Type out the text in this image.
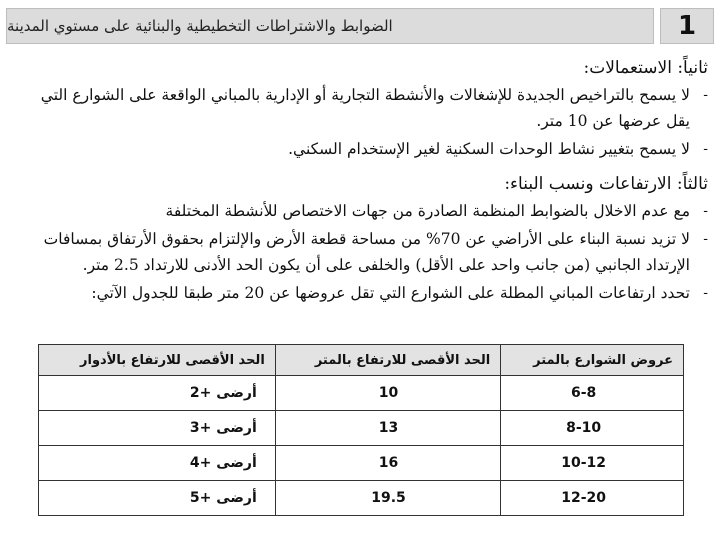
1
الضوابط والاشتراطات التخطيطية والبنائية على مستوي المدينة
ثانياً: الاستعمالات:
-
لا يسمح بالتراخيص الجديدة للإشغالات والأنشطة التجارية أو الإدارية بالمباني الواقعة على الشوارع التي يقل عرضها عن 10 متر.
-
لا يسمح بتغيير نشاط الوحدات السكنية لغير الإستخدام السكني.
ثالثاً: الارتفاعات ونسب البناء:
-
مع عدم الاخلال بالضوابط المنظمة الصادرة من جهات الاختصاص للأنشطة المختلفة
-
لا تزيد نسبة البناء على الأراضي عن 70% من مساحة قطعة الأرض والإلتزام بحقوق الأرتفاق بمسافات الإرتداد الجانبي (من جانب واحد على الأقل) والخلفى على أن يكون الحد الأدنى للارتداد 2.5 متر.
-
تحدد ارتفاعات المباني المطلة على الشوارع التي تقل عروضها عن 20 متر طبقا للجدول الآتي:
عروض الشوارع بالمتر	الحد الأقصى للارتفاع بالمتر	الحد الأقصى للارتفاع بالأدوار
6-8	10	أرضى +2
8-10	13	أرضى +3
10-12	16	أرضى +4
12-20	19.5	أرضى +5
